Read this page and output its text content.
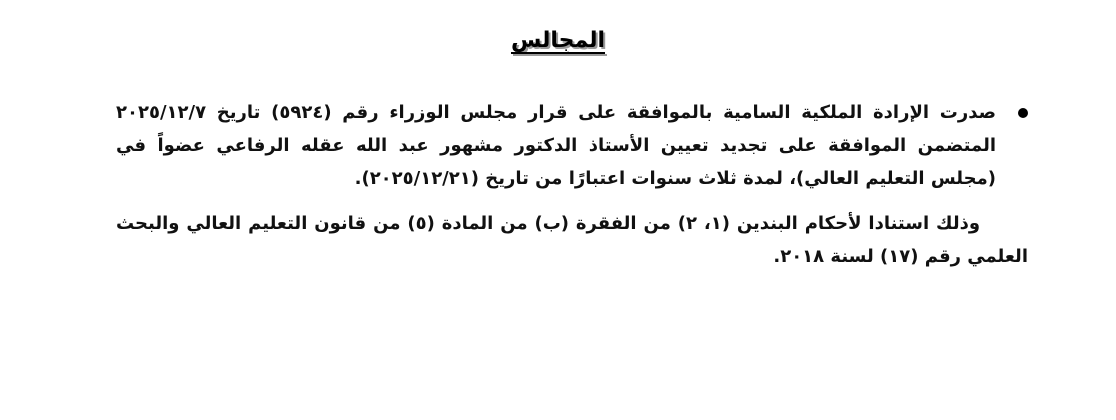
المجالس

صدرت الإرادة الملكية السامية بالموافقة على قرار مجلس الوزراء رقم (٥٩٢٤) تاريخ ٢٠٢٥/١٢/٧ المتضمن الموافقة على تجديد تعيين الأستاذ الدكتور مشهور عبد الله عقله الرفاعي عضواً في (مجلس التعليم العالي)، لمدة ثلاث سنوات اعتبارًا من تاريخ (٢٠٢٥/١٢/٢١).

وذلك استنادا لأحكام البندين (١، ٢) من الفقرة (ب) من المادة (٥) من قانون التعليم العالي والبحث العلمي رقم (١٧) لسنة ٢٠١٨.
